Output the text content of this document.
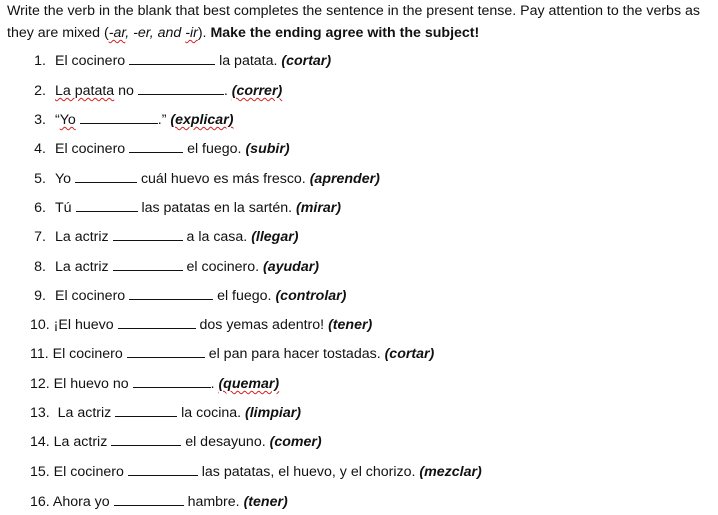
Write the verb in the blank that best completes the sentence in the present tense. Pay attention to the verbs as they are mixed (-ar, -er, and -ir). Make the ending agree with the subject!
1. El cocinero	la patata. (cortar)
2. La patata no	. (correr)
3. “Yo	.” (explicar)
4. El cocinero	el fuego. (subir)
5. Yo	cuál huevo es más fresco. (aprender)
6. Tú	las patatas en la sartén. (mirar)
7. La actriz	a la casa. (llegar)
8. La actriz	el cocinero. (ayudar)
9. El cocinero	el fuego. (controlar)
10. ¡El huevo	dos yemas adentro! (tener)
11. El cocinero	el pan para hacer tostadas. (cortar)
12. El huevo no	. (quemar)
13. La actriz	la cocina. (limpiar)
14. La actriz	el desayuno. (comer)
15. El cocinero	las patatas, el huevo, y el chorizo. (mezclar)
16. Ahora yo	hambre. (tener)
